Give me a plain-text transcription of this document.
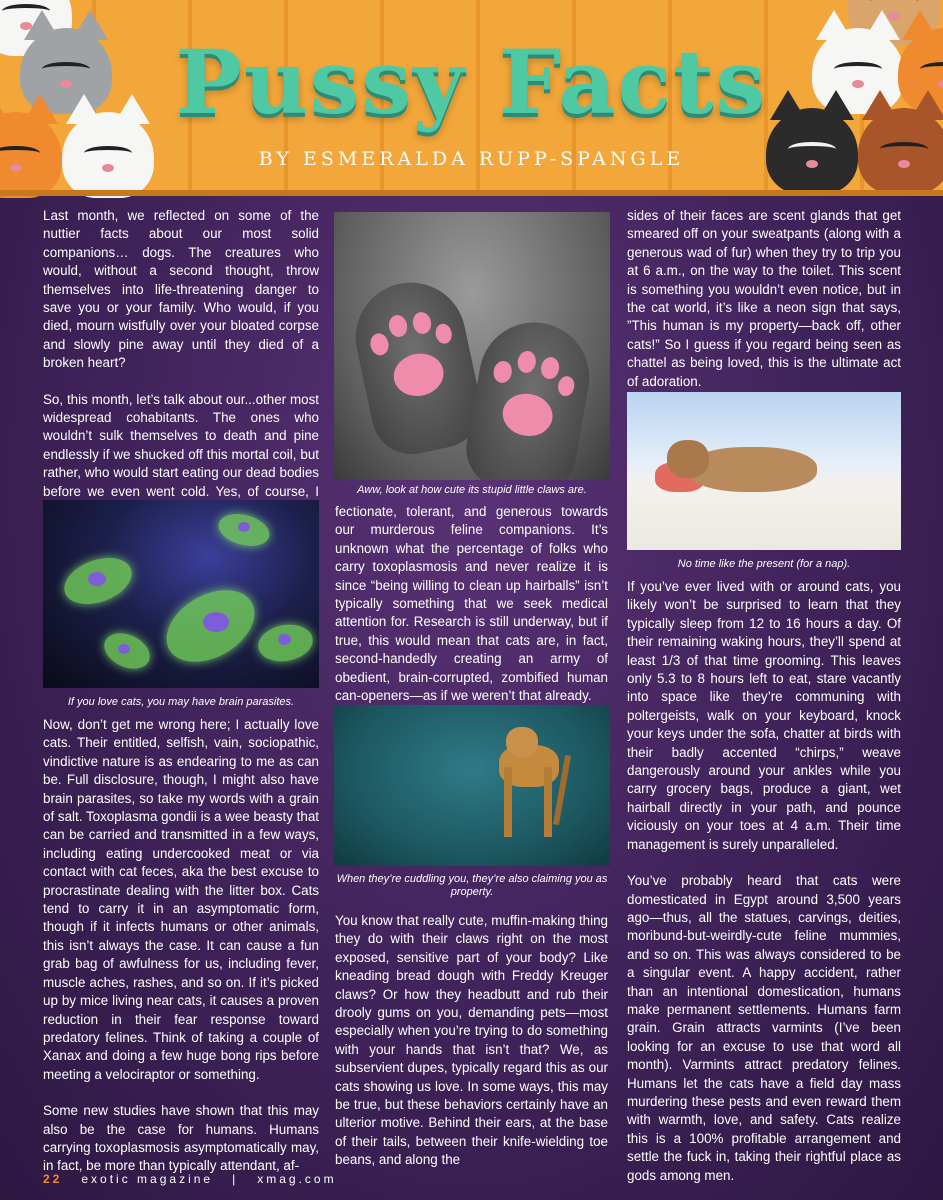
Pussy Facts
BY ESMERALDA RUPP-SPANGLE

Last month, we reflected on some of the nuttier facts about our most solid companions… dogs. The creatures who would, without a second thought, throw themselves into life-threatening danger to save you or your family. Who would, if you died, mourn wistfully over your bloated corpse and slowly pine away until they died of a broken heart?

So, this month, let’s talk about our...other most widespread cohabitants. The ones who wouldn’t sulk themselves to death and pine endlessly if we shucked off this mortal coil, but rather, who would start eating our dead bodies before we even went cold. Yes, of course, I

If you love cats, you may have brain parasites.

Now, don’t get me wrong here; I actually love cats. Their entitled, selfish, vain, sociopathic, vindictive nature is as endearing to me as can be. Full disclosure, though, I might also have brain parasites, so take my words with a grain of salt. Toxoplasma gondii is a wee beasty that can be carried and transmitted in a few ways, including eating undercooked meat or via contact with cat feces, aka the best excuse to procrastinate dealing with the litter box. Cats tend to carry it in an asymptomatic form, though if it infects humans or other animals, this isn’t always the case. It can cause a fun grab bag of awfulness for us, including fever, muscle aches, rashes, and so on. If it’s picked up by mice living near cats, it causes a proven reduction in their fear response toward predatory felines. Think of taking a couple of Xanax and doing a few huge bong rips before meeting a velociraptor or something.

Some new studies have shown that this may also be the case for humans. Humans carrying toxoplasmosis asymptomatically may, in fact, be more than typically attendant, af-

Aww, look at how cute its stupid little claws are.

fectionate, tolerant, and generous towards our murderous feline companions. It’s unknown what the percentage of folks who carry toxoplasmosis and never realize it is since “being willing to clean up hairballs” isn’t typically something that we seek medical attention for. Research is still underway, but if true, this would mean that cats are, in fact, second-handedly creating an army of obedient, brain-corrupted, zombified human can-openers—as if we weren’t that already.

When they’re cuddling you, they’re also claiming you as property.

You know that really cute, muffin-making thing they do with their claws right on the most exposed, sensitive part of your body? Like kneading bread dough with Freddy Kreuger claws? Or how they headbutt and rub their drooly gums on you, demanding pets—most especially when you’re trying to do something with your hands that isn’t that? We, as subservient dupes, typically regard this as our cats showing us love. In some ways, this may be true, but these behaviors certainly have an ulterior motive. Behind their ears, at the base of their tails, between their knife-wielding toe beans, and along the

sides of their faces are scent glands that get smeared off on your sweatpants (along with a generous wad of fur) when they try to trip you at 6 a.m., on the way to the toilet. This scent is something you wouldn’t even notice, but in the cat world, it’s like a neon sign that says, ”This human is my property—back off, other cats!” So I guess if you regard being seen as chattel as being loved, this is the ultimate act of adoration.

No time like the present (for a nap).

If you’ve ever lived with or around cats, you likely won’t be surprised to learn that they typically sleep from 12 to 16 hours a day. Of their remaining waking hours, they’ll spend at least 1/3 of that time grooming. This leaves only 5.3 to 8 hours left to eat, stare vacantly into space like they’re communing with poltergeists, walk on your keyboard, knock your keys under the sofa, chatter at birds with their badly accented “chirps,” weave dangerously around your ankles while you carry grocery bags, produce a giant, wet hairball directly in your path, and pounce viciously on your toes at 4 a.m. Their time management is surely unparalleled.

You’ve probably heard that cats were domesticated in Egypt around 3,500 years ago—thus, all the statues, carvings, deities, moribund-but-weirdly-cute feline mummies, and so on. This was always considered to be a singular event. A happy accident, rather than an intentional domestication, humans make permanent settlements. Humans farm grain. Grain attracts varmints (I’ve been looking for an excuse to use that word all month). Varmints attract predatory felines. Humans let the cats have a field day mass murdering these pests and even reward them with warmth, love, and safety. Cats realize this is a 100% profitable arrangement and settle the fuck in, taking their rightful place as gods among men.

22 exotic magazine | xmag.com
